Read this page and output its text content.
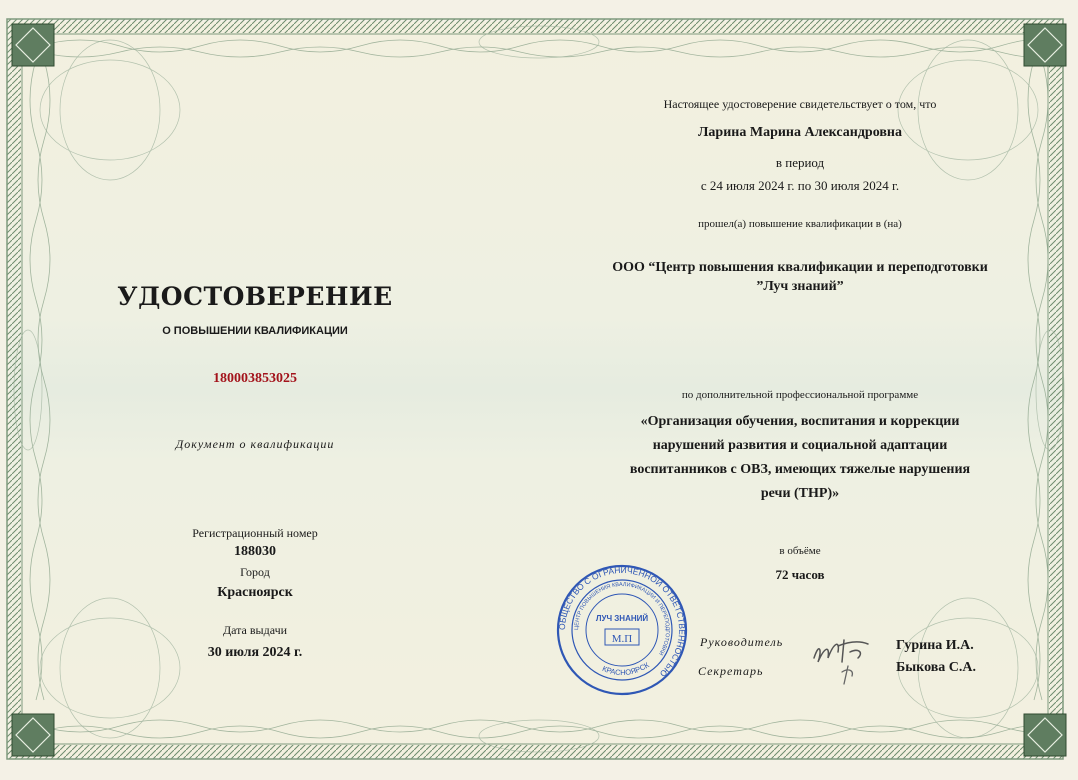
УДОСТОВЕРЕНИЕ
О ПОВЫШЕНИИ КВАЛИФИКАЦИИ
180003853025
Документ о квалификации
Регистрационный номер
188030
Город
Красноярск
Дата выдачи
30 июля 2024 г.
Настоящее удостоверение свидетельствует о том, что
Ларина Марина Александровна
в период
с 24 июля 2024 г. по 30 июля 2024 г.
прошел(а) повышение квалификации в (на)
ООО “Центр повышения квалификации и переподготовки
”Луч знаний”
по дополнительной профессиональной программе
«Организация обучения, воспитания и коррекции
нарушений развития и социальной адаптации
воспитанников с ОВЗ, имеющих тяжелые нарушения
речи (ТНР)»
в объёме
72 часов
ОБЩЕСТВО С ОГРАНИЧЕННОЙ ОТВЕТСТВЕННОСТЬЮ
ЦЕНТР ПОВЫШЕНИЯ КВАЛИФИКАЦИИ И ПЕРЕПОДГОТОВКИ
ЛУЧ ЗНАНИЙ
М.П
КРАСНОЯРСК
Руководитель
Секретарь
Гурина И.А.
Быкова С.А.
